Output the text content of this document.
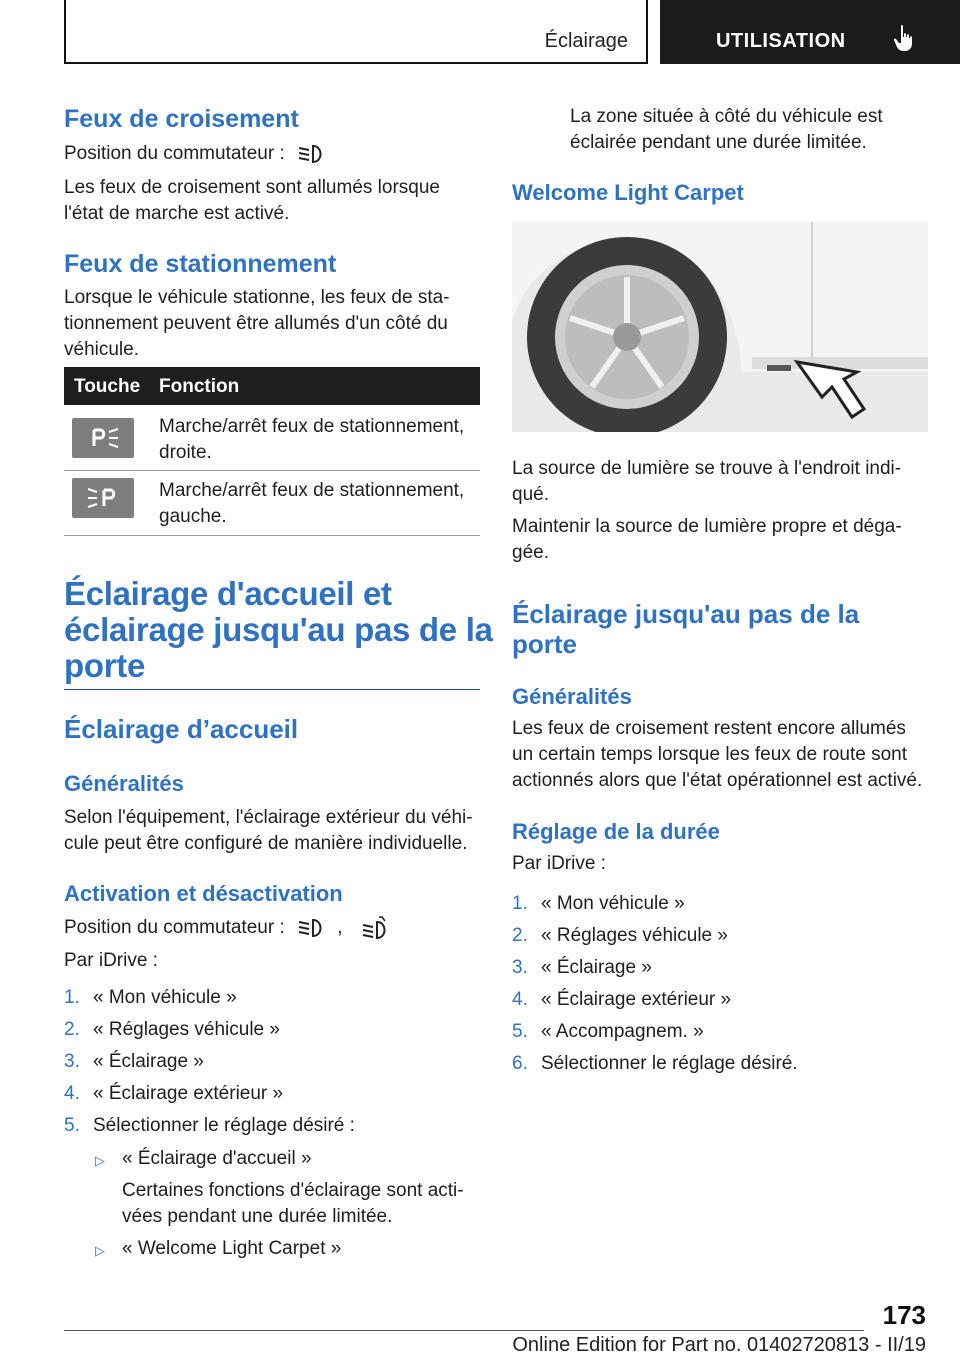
Éclairage	UTILISATION
Feux de croisement
Position du commutateur :
Les feux de croisement sont allumés lorsque
l'état de marche est activé.
Feux de stationnement
Lorsque le véhicule stationne, les feux de sta-
tionnement peuvent être allumés d'un côté du
véhicule.
Touche Fonction
Marche/arrêt feux de stationnement,
droite.
Marche/arrêt feux de stationnement,
gauche.
Éclairage d'accueil et
éclairage jusqu'au pas de la
porte
Éclairage d’accueil
Généralités
Selon l'équipement, l'éclairage extérieur du véhi-
cule peut être configuré de manière individuelle.
Activation et désactivation
Position du commutateur :	,
Par iDrive :
1. « Mon véhicule »
2. « Réglages véhicule »
3. « Éclairage »
4. « Éclairage extérieur »
5. Sélectionner le réglage désiré :
▷ « Éclairage d'accueil »
Certaines fonctions d'éclairage sont acti-
vées pendant une durée limitée.
▷ « Welcome Light Carpet »
La zone située à côté du véhicule est
éclairée pendant une durée limitée.
Welcome Light Carpet
La source de lumière se trouve à l'endroit indi-
qué.
Maintenir la source de lumière propre et déga-
gée.
Éclairage jusqu'au pas de la
porte
Généralités
Les feux de croisement restent encore allumés
un certain temps lorsque les feux de route sont
actionnés alors que l'état opérationnel est activé.
Réglage de la durée
Par iDrive :
1. « Mon véhicule »
2. « Réglages véhicule »
3. « Éclairage »
4. « Éclairage extérieur »
5. « Accompagnem. »
6. Sélectionner le réglage désiré.
173
Online Edition for Part no. 01402720813 - II/19
